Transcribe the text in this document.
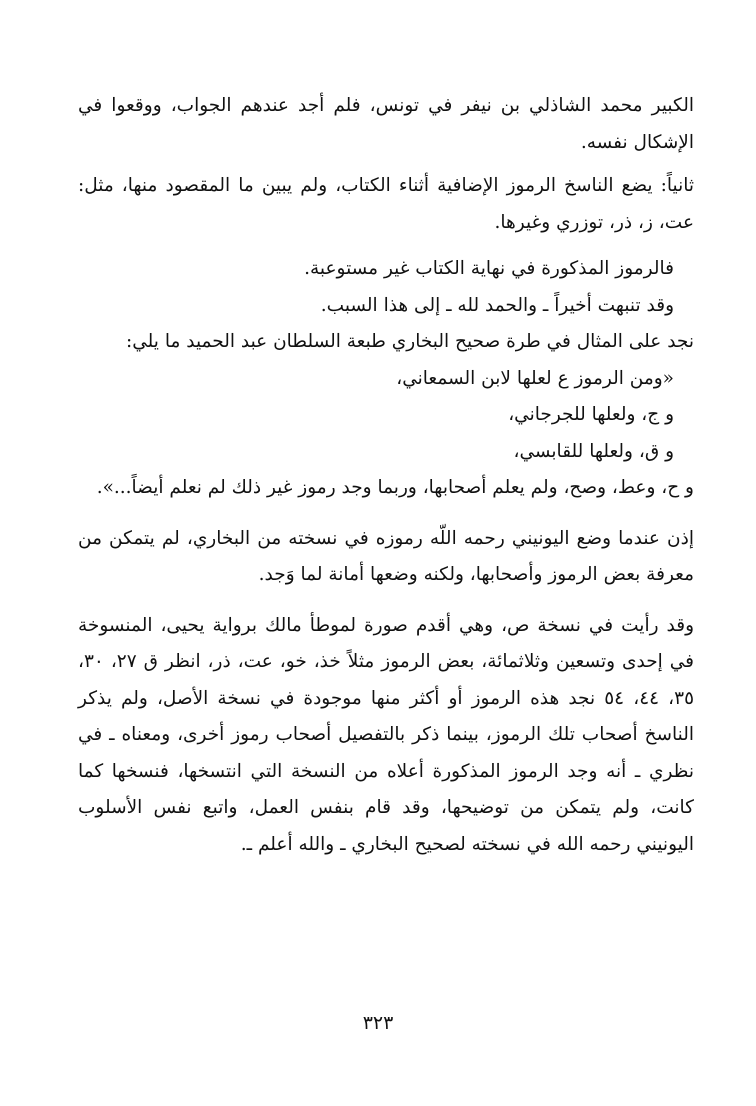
الكبير محمد الشاذلي بن نيفر في تونس، فلم أجد عندهم الجواب، ووقعوا في الإشكال نفسه.

ثانياً: يضع الناسخ الرموز الإضافية أثناء الكتاب، ولم يبين ما المقصود منها، مثل: عت، ز، ذر، توزري وغيرها.

فالرموز المذكورة في نهاية الكتاب غير مستوعبة.

وقد تنبهت أخيراً ـ والحمد لله ـ إلى هذا السبب.

نجد على المثال في طرة صحيح البخاري طبعة السلطان عبد الحميد ما يلي:

«ومن الرموز ع لعلها لابن السمعاني،

و ج، ولعلها للجرجاني،

و ق، ولعلها للقابسي،

و ح، وعط، وصح، ولم يعلم أصحابها، وربما وجد رموز غير ذلك لم نعلم أيضاً...».

إذن عندما وضع اليونيني رحمه اللّه رموزه في نسخته من البخاري، لم يتمكن من معرفة بعض الرموز وأصحابها، ولكنه وضعها أمانة لما وَجد.

وقد رأيت في نسخة ص، وهي أقدم صورة لموطأ مالك برواية يحيى، المنسوخة في إحدى وتسعين وثلاثمائة، بعض الرموز مثلاً خذ، خو، عت، ذر، انظر ق ٢٧، ٣٠، ٣٥، ٤٤، ٥٤ نجد هذه الرموز أو أكثر منها موجودة في نسخة الأصل، ولم يذكر الناسخ أصحاب تلك الرموز، بينما ذكر بالتفصيل أصحاب رموز أخرى، ومعناه ـ في نظري ـ أنه وجد الرموز المذكورة أعلاه من النسخة التي انتسخها، فنسخها كما كانت، ولم يتمكن من توضيحها، وقد قام بنفس العمل، واتبع نفس الأسلوب اليونيني رحمه الله في نسخته لصحيح البخاري ـ والله أعلم ـ.

٣٢٣
